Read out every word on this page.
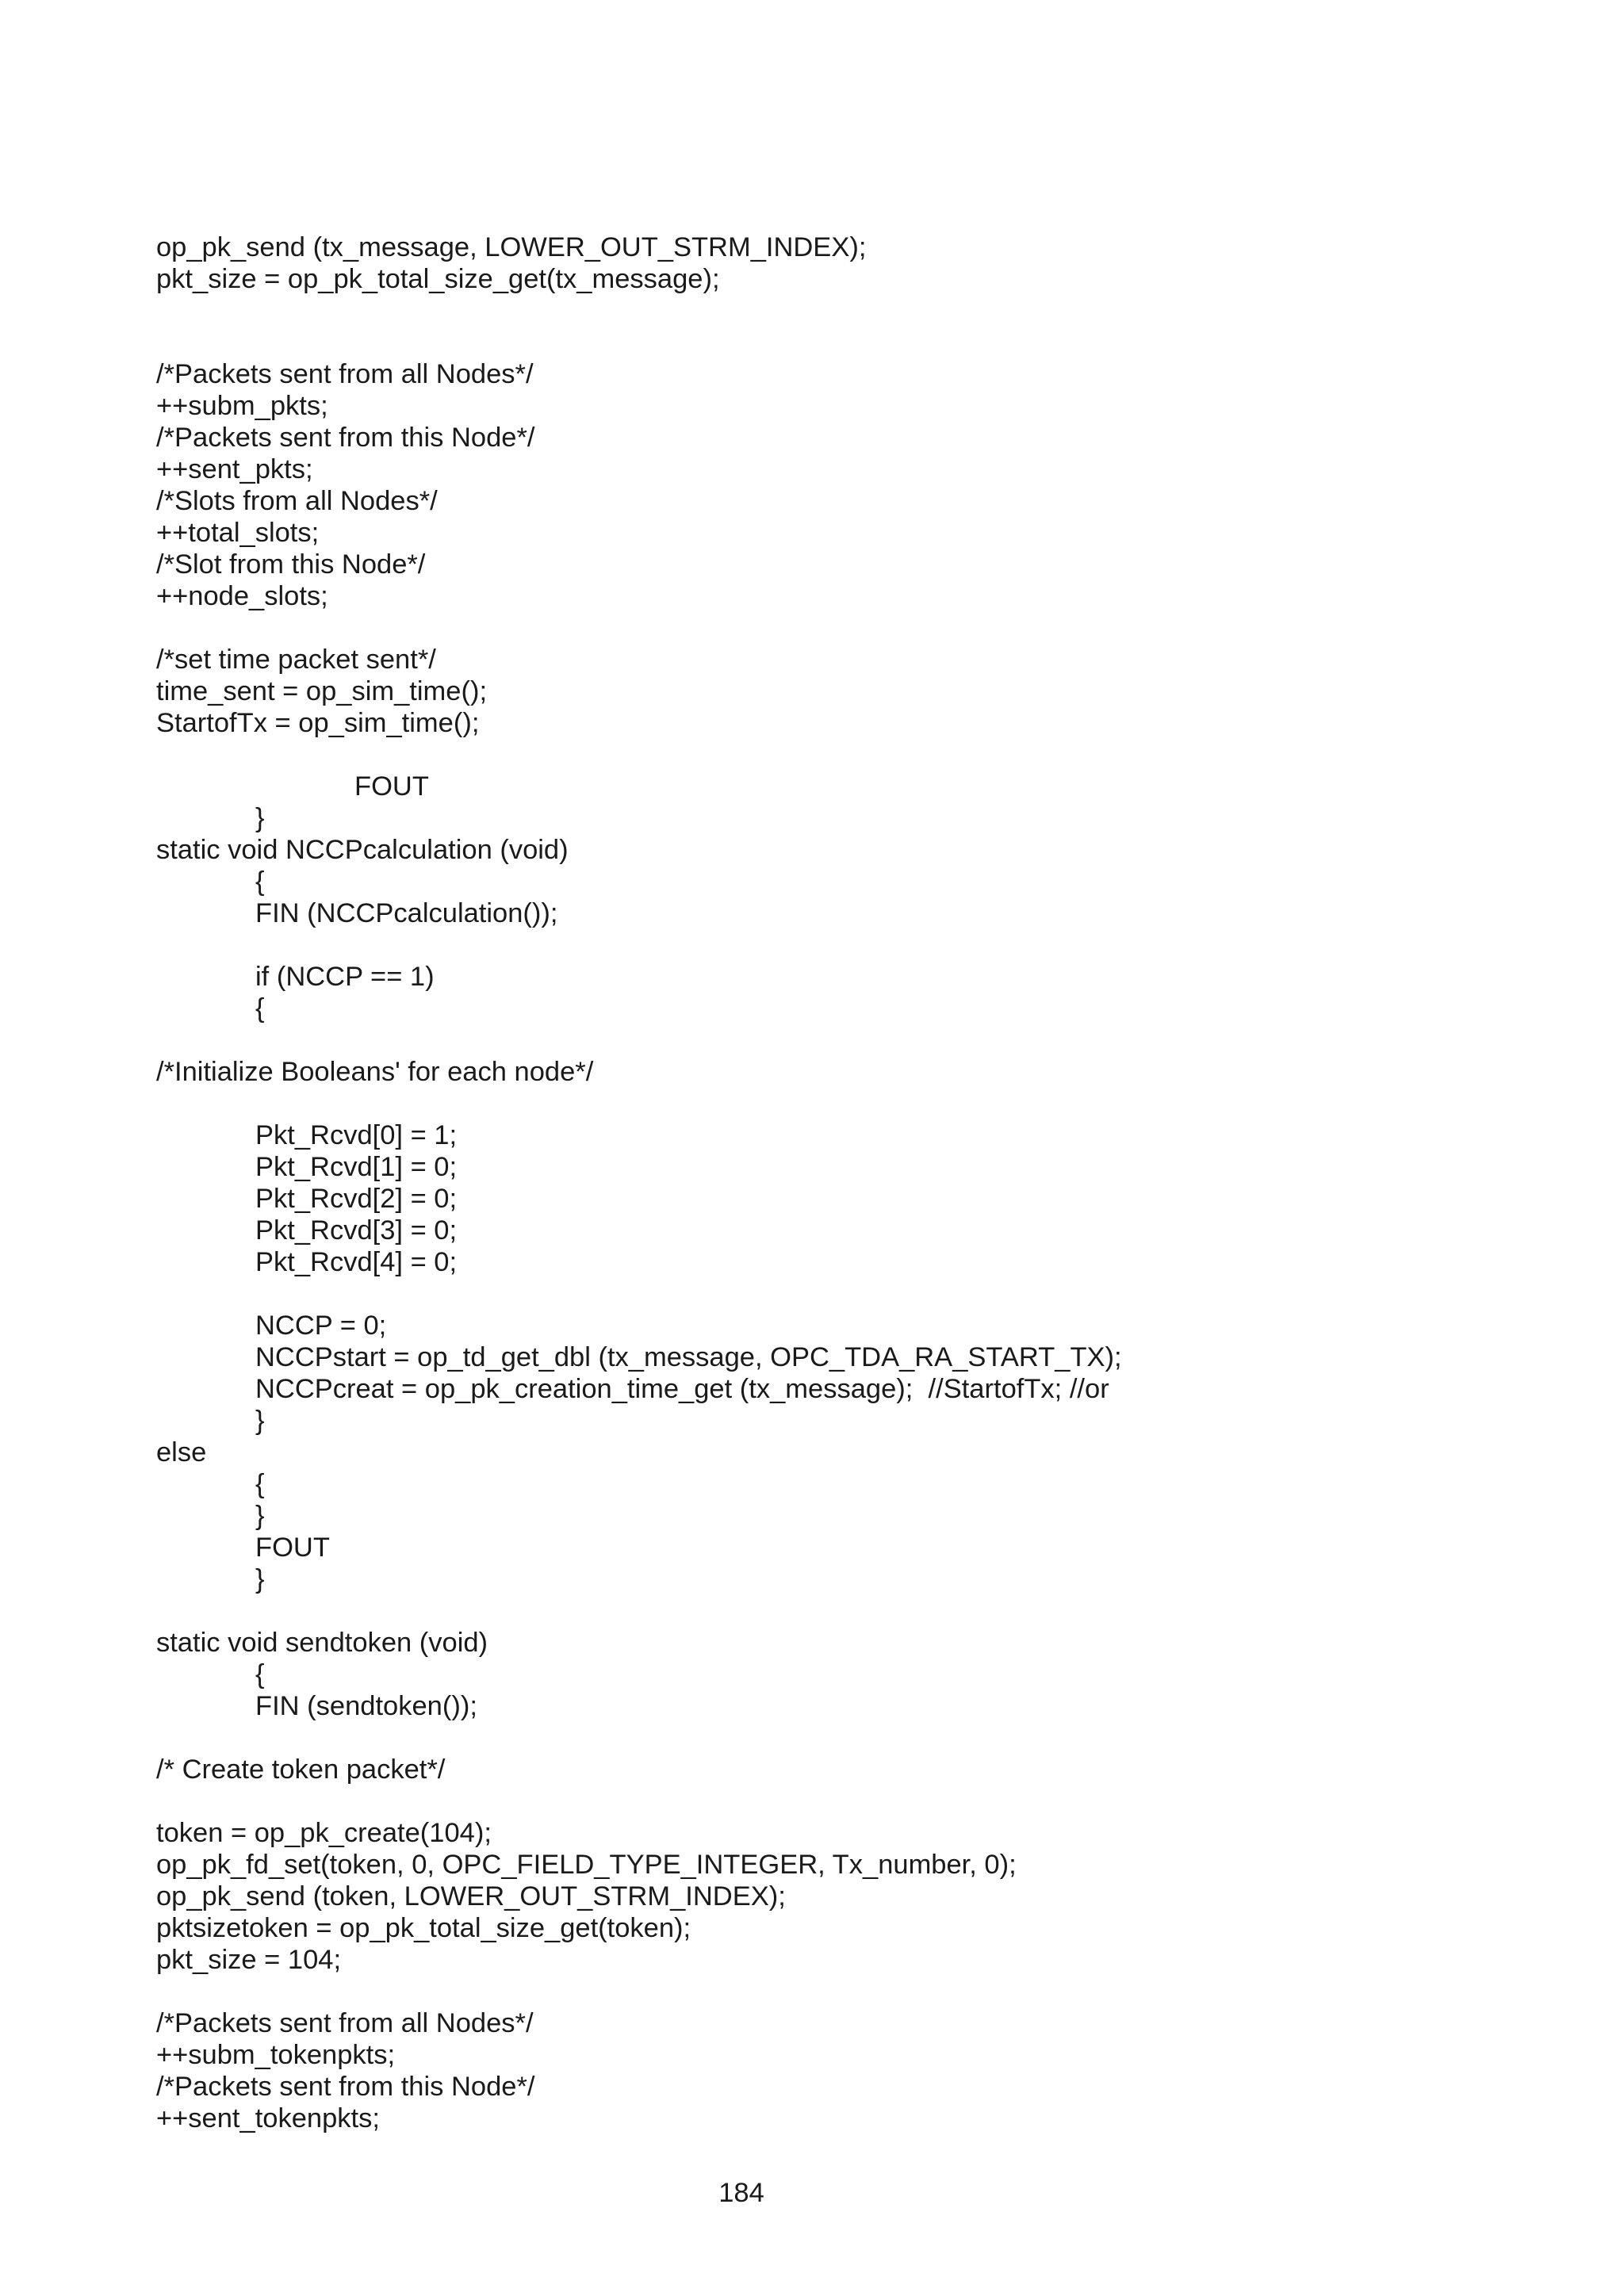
op_pk_send (tx_message, LOWER_OUT_STRM_INDEX);
pkt_size = op_pk_total_size_get(tx_message);
/*Packets sent from all Nodes*/
++subm_pkts;
/*Packets sent from this Node*/
++sent_pkts;
/*Slots from all Nodes*/
++total_slots;
/*Slot from this Node*/
++node_slots;
/*set time packet sent*/
time_sent = op_sim_time();
StartofTx = op_sim_time();
FOUT
}
static void NCCPcalculation (void)
{
FIN (NCCPcalculation());
if (NCCP == 1)
{
/*Initialize Booleans' for each node*/
Pkt_Rcvd[0] = 1;
Pkt_Rcvd[1] = 0;
Pkt_Rcvd[2] = 0;
Pkt_Rcvd[3] = 0;
Pkt_Rcvd[4] = 0;
NCCP = 0;
NCCPstart = op_td_get_dbl (tx_message, OPC_TDA_RA_START_TX);
NCCPcreat = op_pk_creation_time_get (tx_message);  //StartofTx; //or
}
else
{
}
FOUT
}
static void sendtoken (void)
{
FIN (sendtoken());
/* Create token packet*/
token = op_pk_create(104);
op_pk_fd_set(token, 0, OPC_FIELD_TYPE_INTEGER, Tx_number, 0);
op_pk_send (token, LOWER_OUT_STRM_INDEX);
pktsizetoken = op_pk_total_size_get(token);
pkt_size = 104;
/*Packets sent from all Nodes*/
++subm_tokenpkts;
/*Packets sent from this Node*/
++sent_tokenpkts;
184
